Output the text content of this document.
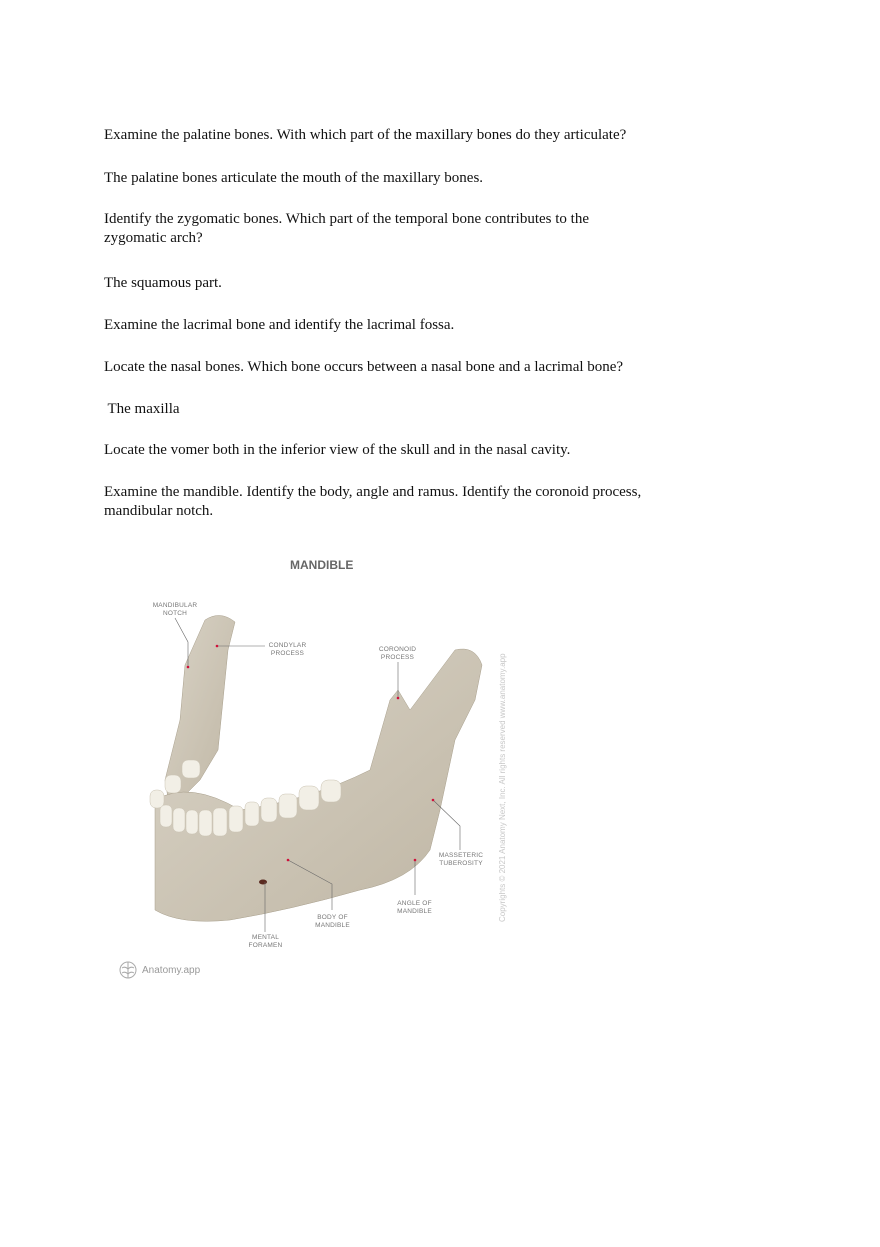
Examine the palatine bones. With which part of the maxillary bones do they articulate?

The palatine bones articulate the mouth of the maxillary bones.

Identify the zygomatic bones. Which part of the temporal bone contributes to the zygomatic arch?

The squamous part.

Examine the lacrimal bone and identify the lacrimal fossa.

Locate the nasal bones. Which bone occurs between a nasal bone and a lacrimal bone?

The maxilla

Locate the vomer both in the inferior view of the skull and in the nasal cavity.

Examine the mandible. Identify the body, angle and ramus. Identify the coronoid process, mandibular notch.

MANDIBLE
MANDIBULAR NOTCH
CONDYLAR PROCESS
CORONOID PROCESS
MASSETERIC TUBEROSITY
ANGLE OF MANDIBLE
BODY OF MANDIBLE
MENTAL FORAMEN
Copyrights © 2021 Anatomy Next, Inc. All rights reserved www.anatomy.app
Anatomy.app
